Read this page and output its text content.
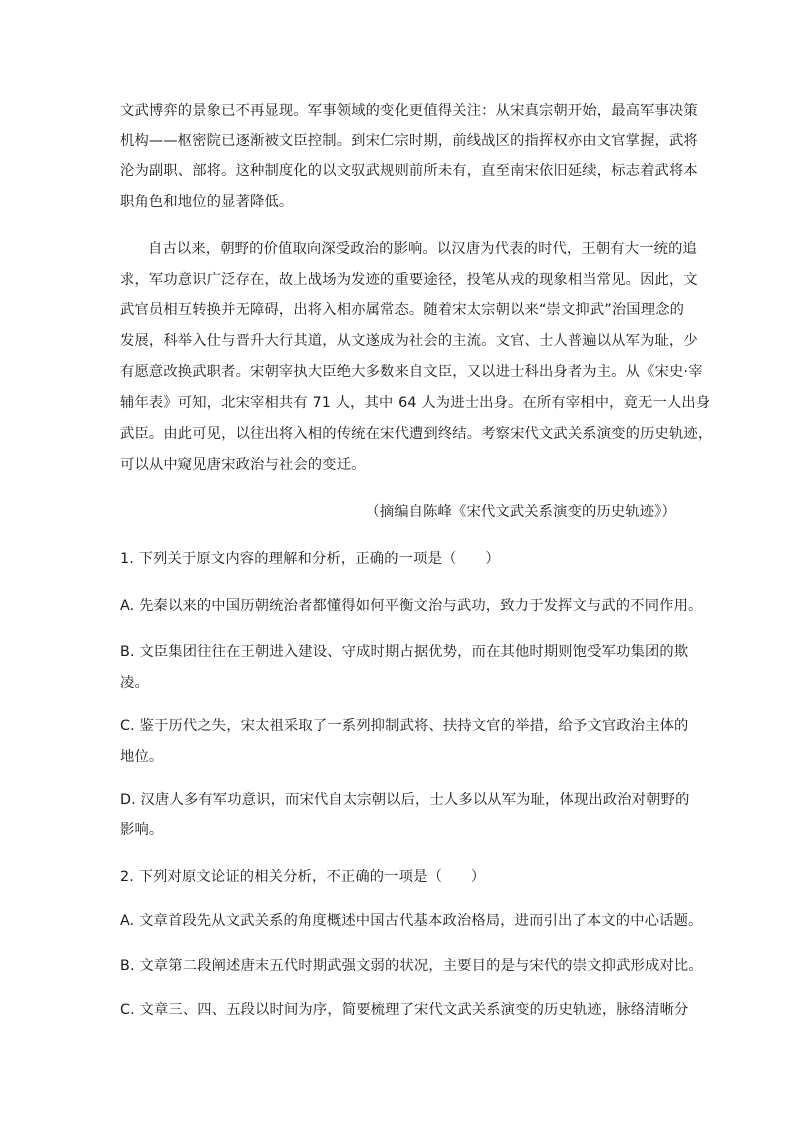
文武博弈的景象已不再显现。军事领域的变化更值得关注：从宋真宗朝开始，最高军事决策
机构——枢密院已逐渐被文臣控制。到宋仁宗时期，前线战区的指挥权亦由文官掌握，武将
沦为副职、部将。这种制度化的以文驭武规则前所未有，直至南宋依旧延续，标志着武将本
职角色和地位的显著降低。
自古以来，朝野的价值取向深受政治的影响。以汉唐为代表的时代，王朝有大一统的追
求，军功意识广泛存在，故上战场为发迹的重要途径，投笔从戎的现象相当常见。因此，文
武官员相互转换并无障碍，出将入相亦属常态。随着宋太宗朝以来“崇文抑武”治国理念的
发展，科举入仕与晋升大行其道，从文遂成为社会的主流。文官、士人普遍以从军为耻，少
有愿意改换武职者。宋朝宰执大臣绝大多数来自文臣，又以进士科出身者为主。从《宋史·宰
辅年表》可知，北宋宰相共有 71 人，其中 64 人为进士出身。在所有宰相中，竟无一人出身
武臣。由此可见，以往出将入相的传统在宋代遭到终结。考察宋代文武关系演变的历史轨迹，
可以从中窥见唐宋政治与社会的变迁。
（摘编自陈峰《宋代文武关系演变的历史轨迹》）
1. 下列关于原文内容的理解和分析，正确的一项是（　　）
A. 先秦以来的中国历朝统治者都懂得如何平衡文治与武功，致力于发挥文与武的不同作用。
B. 文臣集团往往在王朝进入建设、守成时期占据优势，而在其他时期则饱受军功集团的欺
凌。
C. 鉴于历代之失，宋太祖采取了一系列抑制武将、扶持文官的举措，给予文官政治主体的
地位。
D. 汉唐人多有军功意识，而宋代自太宗朝以后，士人多以从军为耻，体现出政治对朝野的
影响。
2. 下列对原文论证的相关分析，不正确的一项是（　　）
A. 文章首段先从文武关系的角度概述中国古代基本政治格局，进而引出了本文的中心话题。
B. 文章第二段阐述唐末五代时期武强文弱的状况，主要目的是与宋代的崇文抑武形成对比。
C. 文章三、四、五段以时间为序，简要梳理了宋代文武关系演变的历史轨迹，脉络清晰分
